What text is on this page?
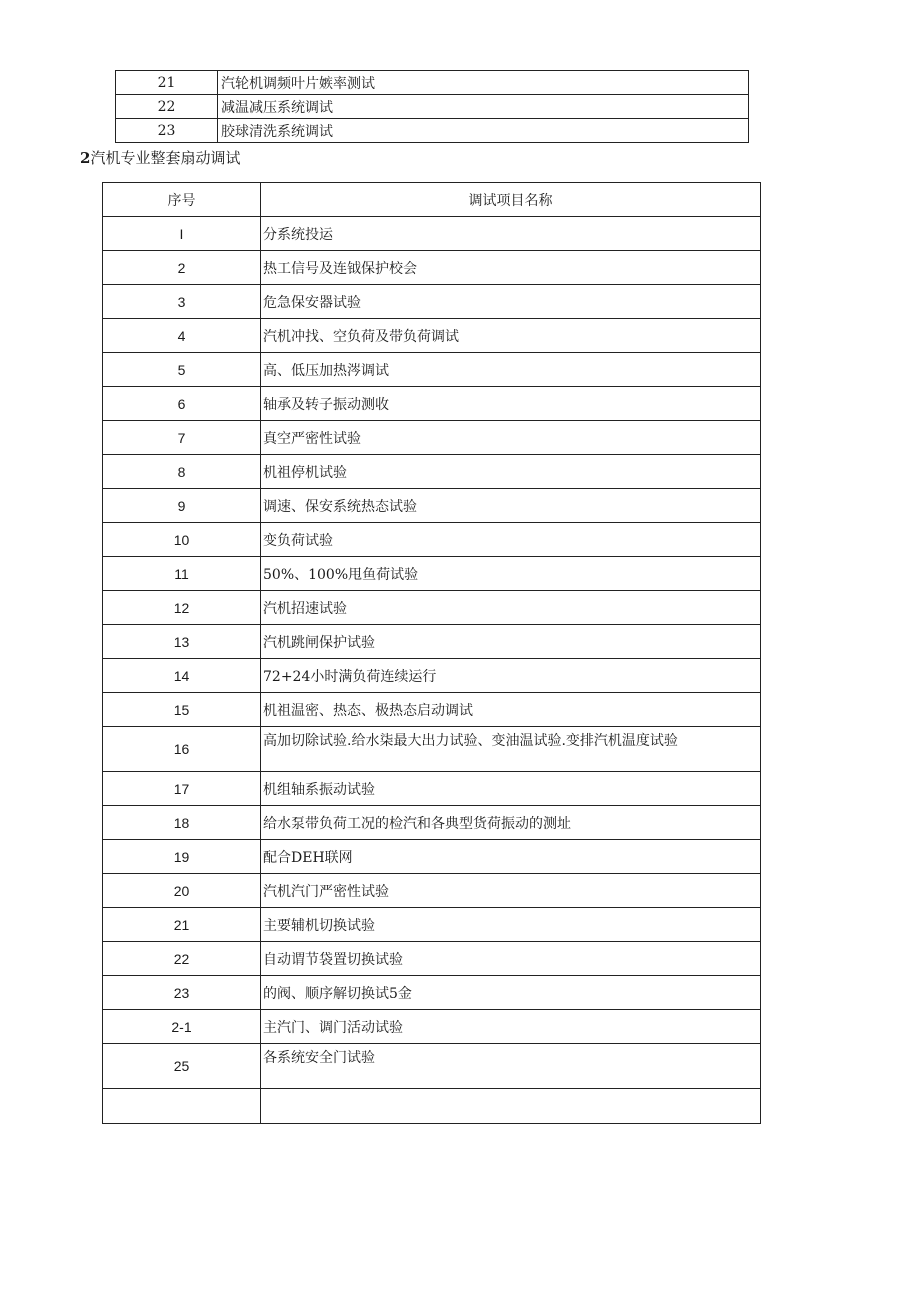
21	汽轮机调频叶片嫉率测试
22	减温减压系统调试
23	胶球清洗系统调试
2汽机专业整套扇动调试
序号	调试项目名称
I	分系统投运
2	热工信号及连钺保护校会
3	危急保安器试验
4	汽机冲找、空负荷及带负荷调试
5	高、低压加热涔调试
6	轴承及转子振动测收
7	真空严密性试验
8	机祖停机试验
9	调速、保安系统热态试验
10	变负荷试验
11	50%、100%甩鱼荷试验
12	汽机招速试验
13	汽机跳闸保护试验
14	72+24小时满负荷连续运行
15	机祖温密、热态、极热态启动调试
16	高加切除试验.给水柒最大出力试验、变油温试验.变排汽机温度试验
17	机组轴系振动试验
18	给水泵带负荷工况的检汽和各典型货荷振动的测址
19	配合DEH联网
20	汽机汽门严密性试验
21	主要辅机切换试验
22	自动谓节袋置切换试验
23	的阀、顺序解切换试5金
2-1	主汽门、调门活动试验
25	各系统安全门试验
